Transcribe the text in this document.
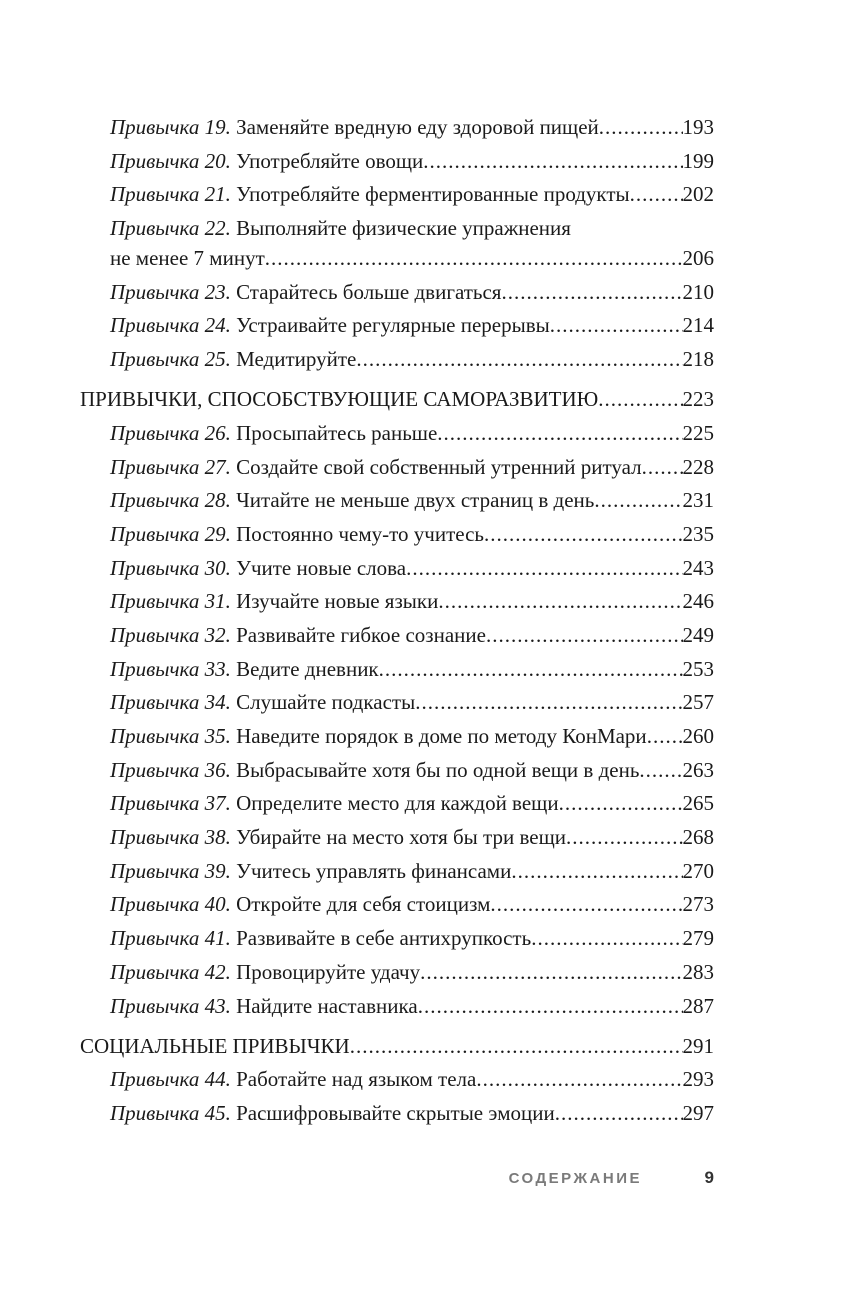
Привычка 19. Заменяйте вредную еду здоровой пищей .....	193
Привычка 20. Употребляйте овощи .....	199
Привычка 21. Употребляйте ферментированные продукты .....	202
Привычка 22. Выполняйте физические упражнения
не менее 7 минут .....	206
Привычка 23. Старайтесь больше двигаться .....	210
Привычка 24. Устраивайте регулярные перерывы .....	214
Привычка 25. Медитируйте .....	218
ПРИВЫЧКИ, СПОСОБСТВУЮЩИЕ САМОРАЗВИТИЮ .....	223
Привычка 26. Просыпайтесь раньше .....	225
Привычка 27. Создайте свой собственный утренний ритуал ..... 228
Привычка 28. Читайте не меньше двух страниц в день .....	231
Привычка 29. Постоянно чему-то учитесь .....	235
Привычка 30. Учите новые слова .....	243
Привычка 31. Изучайте новые языки .....	246
Привычка 32. Развивайте гибкое сознание .....	249
Привычка 33. Ведите дневник .....	253
Привычка 34. Слушайте подкасты .....	257
Привычка 35. Наведите порядок в доме по методу КонМари ..... 260
Привычка 36. Выбрасывайте хотя бы по одной вещи в день ..... 263
Привычка 37. Определите место для каждой вещи .....	265
Привычка 38. Убирайте на место хотя бы три вещи .....	268
Привычка 39. Учитесь управлять финансами .....	270
Привычка 40. Откройте для себя стоицизм .....	273
Привычка 41. Развивайте в себе антихрупкость .....	279
Привычка 42. Провоцируйте удачу .....	283
Привычка 43. Найдите наставника .....	287
СОЦИАЛЬНЫЕ ПРИВЫЧКИ .....	291
Привычка 44. Работайте над языком тела .....	293
Привычка 45. Расшифровывайте скрытые эмоции .....	297
СОДЕРЖАНИЕ	9
